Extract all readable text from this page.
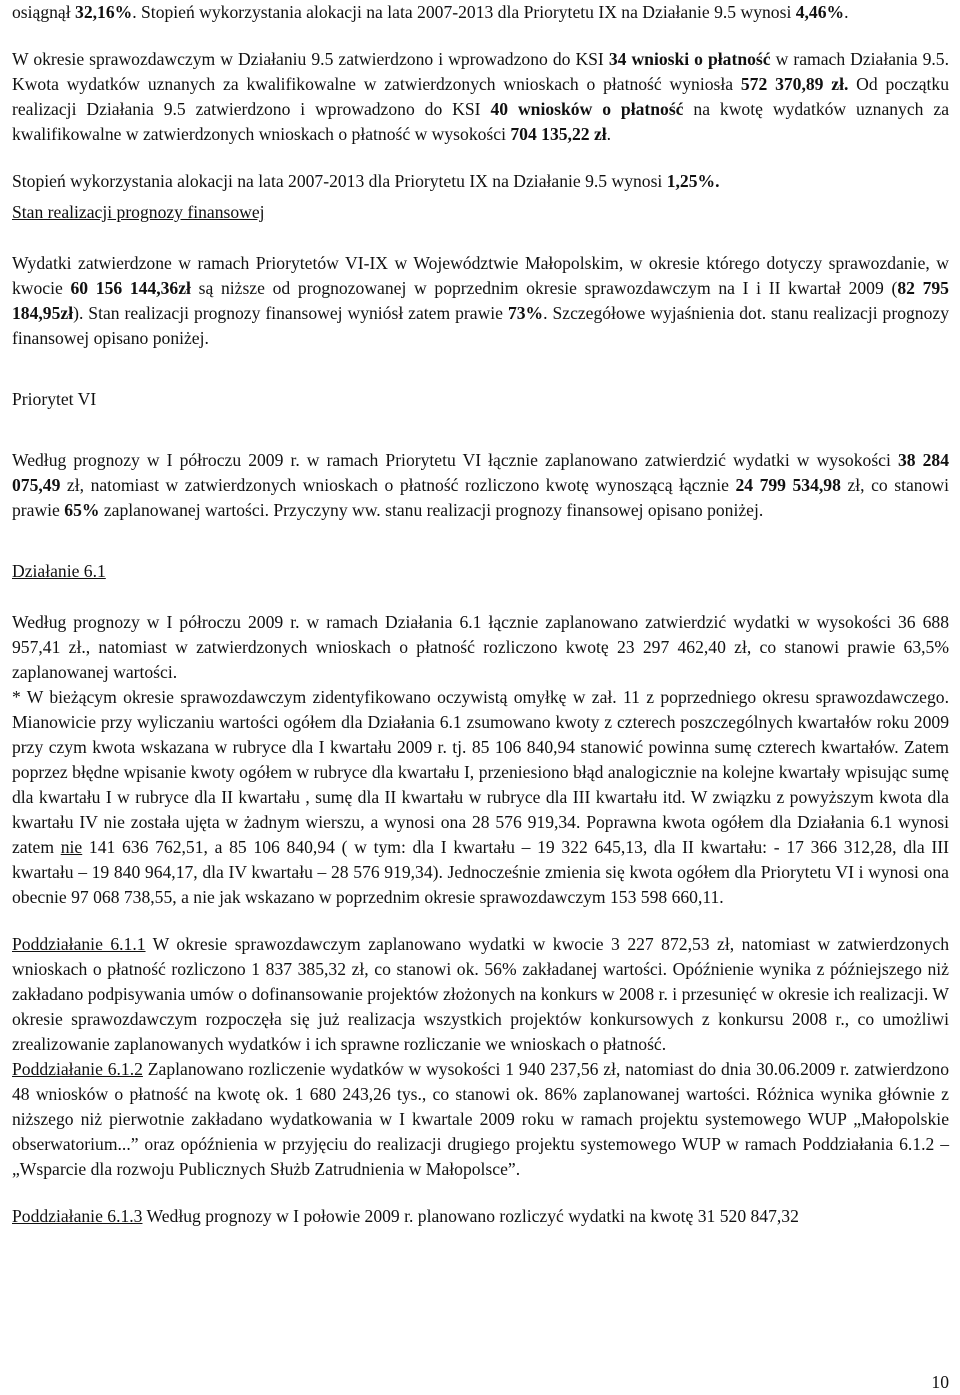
osiągnął 32,16%. Stopień wykorzystania alokacji na lata 2007-2013 dla Priorytetu IX na Działanie 9.5 wynosi 4,46%.

W okresie sprawozdawczym w Działaniu 9.5 zatwierdzono i wprowadzono do KSI 34 wnioski o płatność w ramach Działania 9.5. Kwota wydatków uznanych za kwalifikowalne w zatwierdzonych wnioskach o płatność wyniosła 572 370,89 zł. Od początku realizacji Działania 9.5 zatwierdzono i wprowadzono do KSI 40 wniosków o płatność na kwotę wydatków uznanych za kwalifikowalne w zatwierdzonych wnioskach o płatność w wysokości 704 135,22 zł.

Stopień wykorzystania alokacji na lata 2007-2013 dla Priorytetu IX na Działanie 9.5 wynosi 1,25%.

Stan realizacji prognozy finansowej

Wydatki zatwierdzone w ramach Priorytetów VI-IX w Województwie Małopolskim, w okresie którego dotyczy sprawozdanie, w kwocie 60 156 144,36zł są niższe od prognozowanej w poprzednim okresie sprawozdawczym na I i II kwartał 2009 (82 795 184,95zł). Stan realizacji prognozy finansowej wyniósł zatem prawie 73%. Szczegółowe wyjaśnienia dot. stanu realizacji prognozy finansowej opisano poniżej.

Priorytet VI

Według prognozy w I półroczu 2009 r. w ramach Priorytetu VI łącznie zaplanowano zatwierdzić wydatki w wysokości 38 284 075,49 zł, natomiast w zatwierdzonych wnioskach o płatność rozliczono kwotę wynoszącą łącznie 24 799 534,98 zł, co stanowi prawie 65% zaplanowanej wartości. Przyczyny ww. stanu realizacji prognozy finansowej opisano poniżej.

Działanie 6.1

Według prognozy w I półroczu 2009 r. w ramach Działania 6.1 łącznie zaplanowano zatwierdzić wydatki w wysokości 36 688 957,41 zł., natomiast w zatwierdzonych wnioskach o płatność rozliczono kwotę 23 297 462,40 zł, co stanowi prawie 63,5% zaplanowanej wartości.

* W bieżącym okresie sprawozdawczym zidentyfikowano oczywistą omyłkę w zał. 11 z poprzedniego okresu sprawozdawczego. Mianowicie przy wyliczaniu wartości ogółem dla Działania 6.1 zsumowano kwoty z czterech poszczególnych kwartałów roku 2009 przy czym kwota wskazana w rubryce dla I kwartału 2009 r. tj. 85 106 840,94 stanowić powinna sumę czterech kwartałów. Zatem poprzez błędne wpisanie kwoty ogółem w rubryce dla kwartału I, przeniesiono błąd analogicznie na kolejne kwartały wpisując sumę dla kwartału I w rubryce dla II kwartału , sumę dla II kwartału w rubryce dla III kwartału itd. W związku z powyższym kwota dla kwartału IV nie została ujęta w żadnym wierszu, a wynosi ona 28 576 919,34. Poprawna kwota ogółem dla Działania 6.1 wynosi zatem nie 141 636 762,51, a 85 106 840,94 ( w tym: dla I kwartału – 19 322 645,13, dla II kwartału: - 17 366 312,28, dla III kwartału – 19 840 964,17, dla IV kwartału – 28 576 919,34). Jednocześnie zmienia się kwota ogółem dla Priorytetu VI i wynosi ona obecnie 97 068 738,55, a nie jak wskazano w poprzednim okresie sprawozdawczym 153 598 660,11.

Poddziałanie 6.1.1 W okresie sprawozdawczym zaplanowano wydatki w kwocie 3 227 872,53 zł, natomiast w zatwierdzonych wnioskach o płatność rozliczono 1 837 385,32 zł, co stanowi ok. 56% zakładanej wartości. Opóźnienie wynika z późniejszego niż zakładano podpisywania umów o dofinansowanie projektów złożonych na konkurs w 2008 r. i przesunięć w okresie ich realizacji. W okresie sprawozdawczym rozpoczęła się już realizacja wszystkich projektów konkursowych z konkursu 2008 r., co umożliwi zrealizowanie zaplanowanych wydatków i ich sprawne rozliczanie we wnioskach o płatność.

Poddziałanie 6.1.2 Zaplanowano rozliczenie wydatków w wysokości 1 940 237,56 zł, natomiast do dnia 30.06.2009 r. zatwierdzono 48 wniosków o płatność na kwotę ok. 1 680 243,26 tys., co stanowi ok. 86% zaplanowanej wartości. Różnica wynika głównie z niższego niż pierwotnie zakładano wydatkowania w I kwartale 2009 roku w ramach projektu systemowego WUP „Małopolskie obserwatorium...” oraz opóźnienia w przyjęciu do realizacji drugiego projektu systemowego WUP w ramach Poddziałania 6.1.2 – „Wsparcie dla rozwoju Publicznych Służb Zatrudnienia w Małopolsce”.

Poddziałanie 6.1.3 Według prognozy w I połowie 2009 r. planowano rozliczyć wydatki na kwotę 31 520 847,32

10
